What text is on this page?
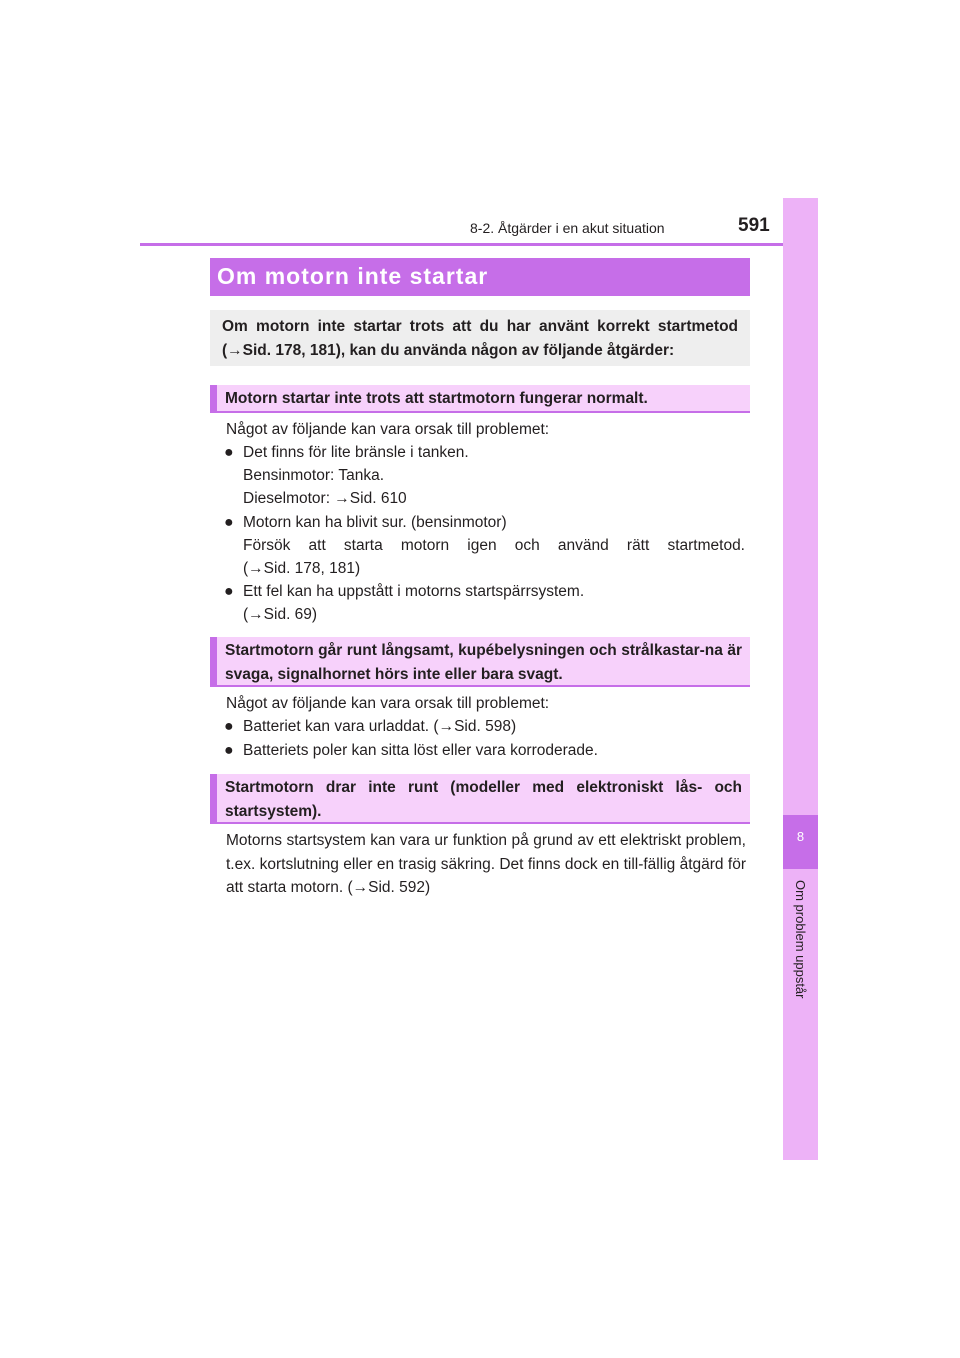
8-2. Åtgärder i en akut situation	591
8
Om problem uppstår
Om motorn inte startar
Om motorn inte startar trots att du har använt korrekt startmetod (→Sid. 178, 181), kan du använda någon av följande åtgärder:
Motorn startar inte trots att startmotorn fungerar normalt.
Något av följande kan vara orsak till problemet:
● Det finns för lite bränsle i tanken.
Bensinmotor: Tanka.
Dieselmotor: →Sid. 610
● Motorn kan ha blivit sur. (bensinmotor)
Försök att starta motorn igen och använd rätt startmetod.
(→Sid. 178, 181)
● Ett fel kan ha uppstått i motorns startspärrsystem.
(→Sid. 69)
Startmotorn går runt långsamt, kupébelysningen och strålkastar-na är svaga, signalhornet hörs inte eller bara svagt.
Något av följande kan vara orsak till problemet:
● Batteriet kan vara urladdat. (→Sid. 598)
● Batteriets poler kan sitta löst eller vara korroderade.
Startmotorn drar inte runt (modeller med elektroniskt lås- och startsystem).
Motorns startsystem kan vara ur funktion på grund av ett elektriskt problem, t.ex. kortslutning eller en trasig säkring. Det finns dock en till-fällig åtgärd för att starta motorn. (→Sid. 592)
